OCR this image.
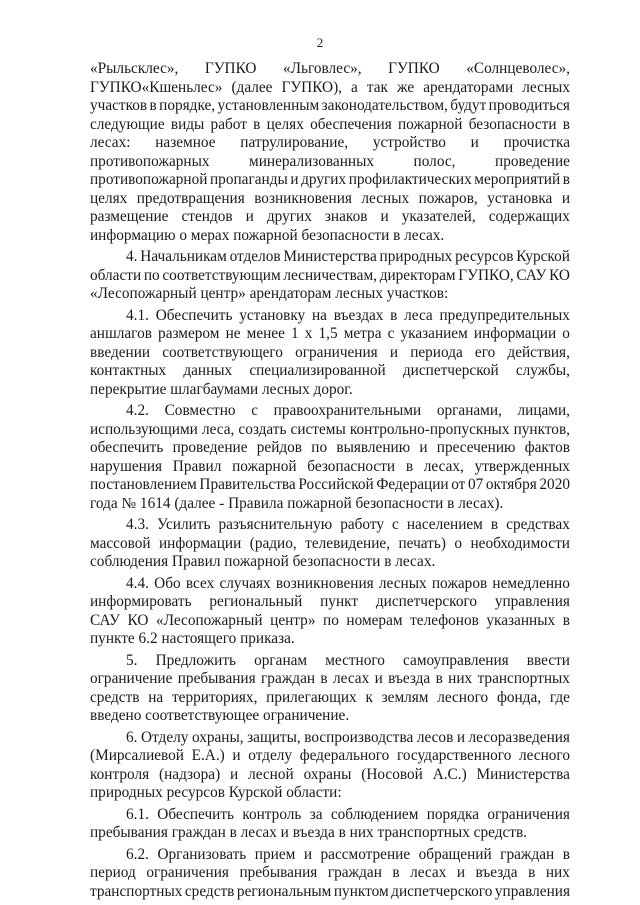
2
«Рыльсклес», ГУПКО «Льговлес», ГУПКО «Солнцеволес»,
ГУПКО«Кшеньлес» (далее ГУПКО), а так же арендаторами лесных
участков в порядке, установленным законодательством, будут проводиться
следующие виды работ в целях обеспечения пожарной безопасности в
лесах: наземное патрулирование, устройство и прочистка
противопожарных	минерализованных	полос,	проведение
противопожарной пропаганды и других профилактических мероприятий в
целях предотвращения возникновения лесных пожаров, установка и
размещение стендов и других знаков и указателей, содержащих
информацию о мерах пожарной безопасности в лесах.
4. Начальникам отделов Министерства природных ресурсов Курской
области по соответствующим лесничествам, директорам ГУПКО, САУ КО
«Лесопожарный центр» арендаторам лесных участков:
4.1. Обеспечить установку на въездах в леса предупредительных
аншлагов размером не менее 1 х 1,5 метра с указанием информации о
введении соответствующего ограничения и периода его действия,
контактных данных специализированной диспетчерской службы,
перекрытие шлагбаумами лесных дорог.
4.2. Совместно с правоохранительными органами, лицами,
использующими леса, создать системы контрольно-пропускных пунктов,
обеспечить проведение рейдов по выявлению и пресечению фактов
нарушения Правил пожарной безопасности в лесах, утвержденных
постановлением Правительства Российской Федерации от 07 октября 2020
года № 1614 (далее - Правила пожарной безопасности в лесах).
4.3. Усилить разъяснительную работу с населением в средствах
массовой информации (радио, телевидение, печать) о необходимости
соблюдения Правил пожарной безопасности в лесах.
4.4. Обо всех случаях возникновения лесных пожаров немедленно
информировать региональный пункт диспетчерского управления
САУ КО «Лесопожарный центр» по номерам телефонов указанных в
пункте 6.2 настоящего приказа.
5. Предложить органам местного самоуправления ввести
ограничение пребывания граждан в лесах и въезда в них транспортных
средств на территориях, прилегающих к землям лесного фонда, где
введено соответствующее ограничение.
6. Отделу охраны, защиты, воспроизводства лесов и лесоразведения
(Мирсалиевой Е.А.) и отделу федерального государственного лесного
контроля (надзора) и лесной охраны (Носовой А.С.) Министерства
природных ресурсов Курской области:
6.1. Обеспечить контроль за соблюдением порядка ограничения
пребывания граждан в лесах и въезда в них транспортных средств.
6.2. Организовать прием и рассмотрение обращений граждан в
период ограничения пребывания граждан в лесах и въезда в них
транспортных средств региональным пунктом диспетчерского управления
